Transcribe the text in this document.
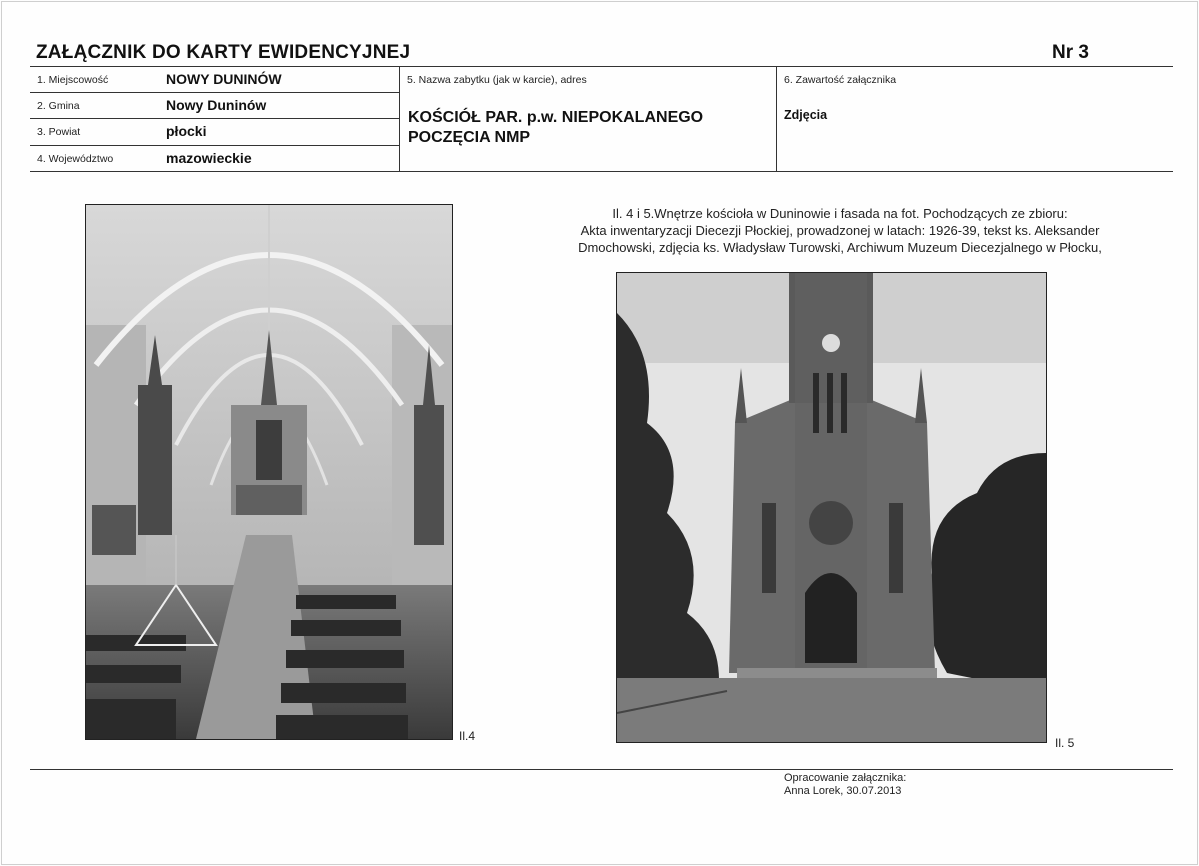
ZAŁĄCZNIK DO KARTY EWIDENCYJNEJ	Nr 3
1. Miejscowość	NOWY DUNINÓW
2. Gmina	Nowy Duninów
3. Powiat	płocki
4. Województwo	mazowieckie
5. Nazwa zabytku (jak w karcie), adres
KOŚCIÓŁ PAR. p.w. NIEPOKALANEGO
POCZĘCIA NMP
6. Zawartość załącznika
Zdjęcia
Il. 4 i 5.Wnętrze kościoła w Duninowie i fasada na fot. Pochodzących ze zbioru:
Akta inwentaryzacji Diecezji Płockiej, prowadzonej w latach: 1926-39, tekst ks. Aleksander
Dmochowski, zdjęcia ks. Władysław Turowski, Archiwum Muzeum Diecezjalnego w Płocku,
Il.4	Il. 5
Opracowanie załącznika:
Anna Lorek, 30.07.2013
